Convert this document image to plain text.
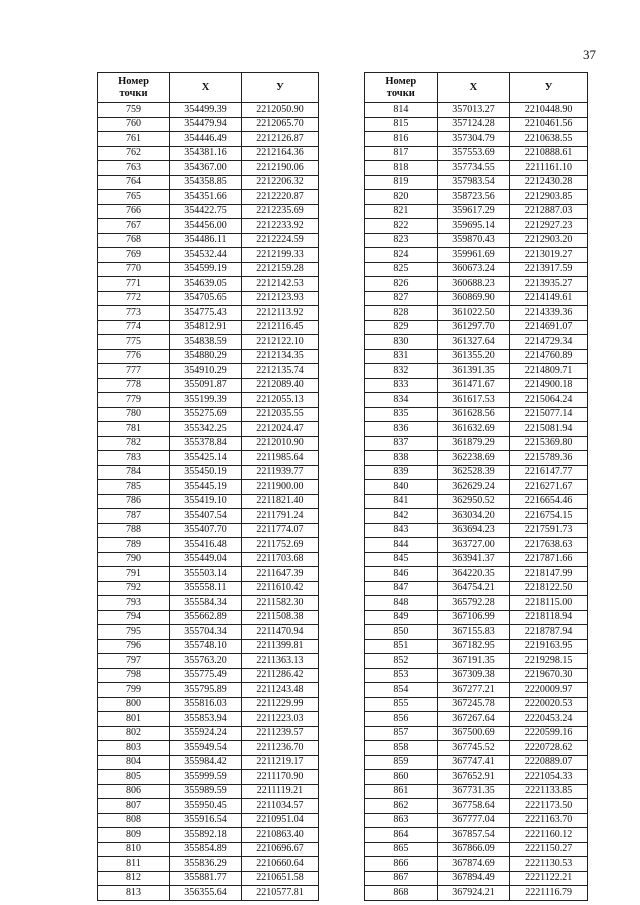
37
Номер
точки	X	У
759	354499.39	2212050.90
760	354479.94	2212065.70
761	354446.49	2212126.87
762	354381.16	2212164.36
763	354367.00	2212190.06
764	354358.85	2212206.32
765	354351.66	2212220.87
766	354422.75	2212235.69
767	354456.00	2212233.92
768	354486.11	2212224.59
769	354532.44	2212199.33
770	354599.19	2212159.28
771	354639.05	2212142.53
772	354705.65	2212123.93
773	354775.43	2212113.92
774	354812.91	2212116.45
775	354838.59	2212122.10
776	354880.29	2212134.35
777	354910.29	2212135.74
778	355091.87	2212089.40
779	355199.39	2212055.13
780	355275.69	2212035.55
781	355342.25	2212024.47
782	355378.84	2212010.90
783	355425.14	2211985.64
784	355450.19	2211939.77
785	355445.19	2211900.00
786	355419.10	2211821.40
787	355407.54	2211791.24
788	355407.70	2211774.07
789	355416.48	2211752.69
790	355449.04	2211703.68
791	355503.14	2211647.39
792	355558.11	2211610.42
793	355584.34	2211582.30
794	355662.89	2211508.38
795	355704.34	2211470.94
796	355748.10	2211399.81
797	355763.20	2211363.13
798	355775.49	2211286.42
799	355795.89	2211243.48
800	355816.03	2211229.99
801	355853.94	2211223.03
802	355924.24	2211239.57
803	355949.54	2211236.70
804	355984.42	2211219.17
805	355999.59	2211170.90
806	355989.59	2211119.21
807	355950.45	2211034.57
808	355916.54	2210951.04
809	355892.18	2210863.40
810	355854.89	2210696.67
811	355836.29	2210660.64
812	355881.77	2210651.58
813	356355.64	2210577.81
Номер
точки	X	У
814	357013.27	2210448.90
815	357124.28	2210461.56
816	357304.79	2210638.55
817	357553.69	2210888.61
818	357734.55	2211161.10
819	357983.54	2212430.28
820	358723.56	2212903.85
821	359617.29	2212887.03
822	359695.14	2212927.23
823	359870.43	2212903.20
824	359961.69	2213019.27
825	360673.24	2213917.59
826	360688.23	2213935.27
827	360869.90	2214149.61
828	361022.50	2214339.36
829	361297.70	2214691.07
830	361327.64	2214729.34
831	361355.20	2214760.89
832	361391.35	2214809.71
833	361471.67	2214900.18
834	361617.53	2215064.24
835	361628.56	2215077.14
836	361632.69	2215081.94
837	361879.29	2215369.80
838	362238.69	2215789.36
839	362528.39	2216147.77
840	362629.24	2216271.67
841	362950.52	2216654.46
842	363034.20	2216754.15
843	363694.23	2217591.73
844	363727.00	2217638.63
845	363941.37	2217871.66
846	364220.35	2218147.99
847	364754.21	2218122.50
848	365792.28	2218115.00
849	367106.99	2218118.94
850	367155.83	2218787.94
851	367182.95	2219163.95
852	367191.35	2219298.15
853	367309.38	2219670.30
854	367277.21	2220009.97
855	367245.78	2220020.53
856	367267.64	2220453.24
857	367500.69	2220599.16
858	367745.52	2220728.62
859	367747.41	2220889.07
860	367652.91	2221054.33
861	367731.35	2221133.85
862	367758.64	2221173.50
863	367777.04	2221163.70
864	367857.54	2221160.12
865	367866.09	2221150.27
866	367874.69	2221130.53
867	367894.49	2221122.21
868	367924.21	2221116.79
